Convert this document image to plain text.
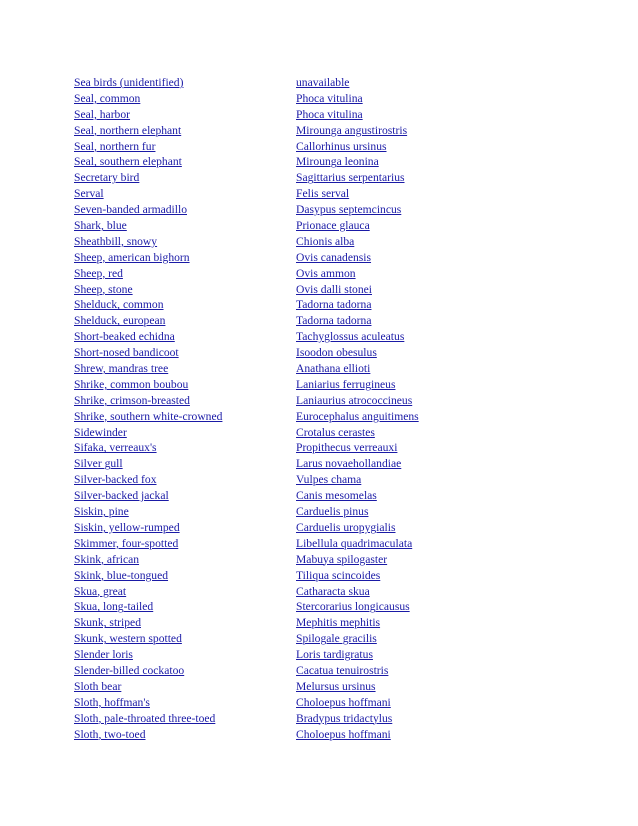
Sea birds (unidentified)	unavailable
Seal, common	Phoca vitulina
Seal, harbor	Phoca vitulina
Seal, northern elephant	Mirounga angustirostris
Seal, northern fur	Callorhinus ursinus
Seal, southern elephant	Mirounga leonina
Secretary bird	Sagittarius serpentarius
Serval	Felis serval
Seven-banded armadillo	Dasypus septemcincus
Shark, blue	Prionace glauca
Sheathbill, snowy	Chionis alba
Sheep, american bighorn	Ovis canadensis
Sheep, red	Ovis ammon
Sheep, stone	Ovis dalli stonei
Shelduck, common	Tadorna tadorna
Shelduck, european	Tadorna tadorna
Short-beaked echidna	Tachyglossus aculeatus
Short-nosed bandicoot	Isoodon obesulus
Shrew, mandras tree	Anathana ellioti
Shrike, common boubou	Laniarius ferrugineus
Shrike, crimson-breasted	Laniaurius atrococcineus
Shrike, southern white-crowned	Eurocephalus anguitimens
Sidewinder	Crotalus cerastes
Sifaka, verreaux's	Propithecus verreauxi
Silver gull	Larus novaehollandiae
Silver-backed fox	Vulpes chama
Silver-backed jackal	Canis mesomelas
Siskin, pine	Carduelis pinus
Siskin, yellow-rumped	Carduelis uropygialis
Skimmer, four-spotted	Libellula quadrimaculata
Skink, african	Mabuya spilogaster
Skink, blue-tongued	Tiliqua scincoides
Skua, great	Catharacta skua
Skua, long-tailed	Stercorarius longicausus
Skunk, striped	Mephitis mephitis
Skunk, western spotted	Spilogale gracilis
Slender loris	Loris tardigratus
Slender-billed cockatoo	Cacatua tenuirostris
Sloth bear	Melursus ursinus
Sloth, hoffman's	Choloepus hoffmani
Sloth, pale-throated three-toed	Bradypus tridactylus
Sloth, two-toed	Choloepus hoffmani
